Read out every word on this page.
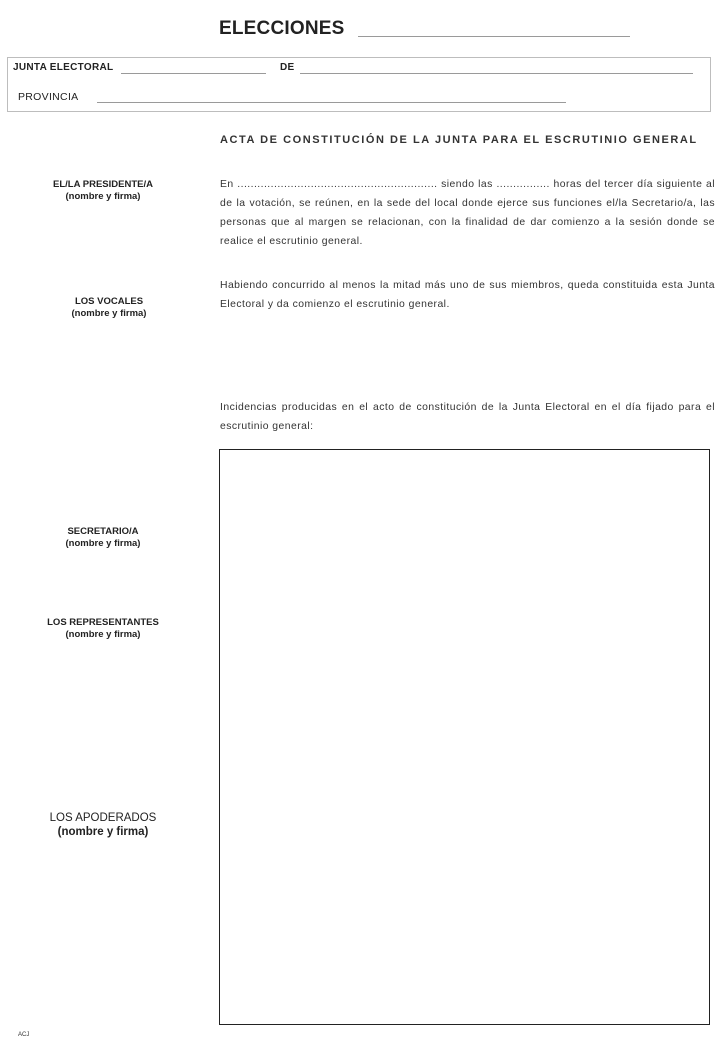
ELECCIONES
JUNTA ELECTORAL	DE
PROVINCIA
ACTA DE CONSTITUCIÓN DE LA JUNTA PARA EL ESCRUTINIO GENERAL
En ............................................................ siendo las ................ horas del tercer día siguiente al de la votación, se reúnen, en la sede del local donde ejerce sus funciones el/la Secretario/a, las personas que al margen se relacionan, con la finalidad de dar comienzo a la sesión donde se realice el escrutinio general.
Habiendo concurrido al menos la mitad más uno de sus miembros, queda constituida esta Junta Electoral y da comienzo el escrutinio general.
Incidencias producidas en el acto de constitución de la Junta Electoral en el día fijado para el escrutinio general:
EL/LA PRESIDENTE/A
(nombre y firma)
LOS VOCALES
(nombre y firma)
SECRETARIO/A
(nombre y firma)
LOS REPRESENTANTES
(nombre y firma)
LOS APODERADOS
(nombre y firma)
ACJ
